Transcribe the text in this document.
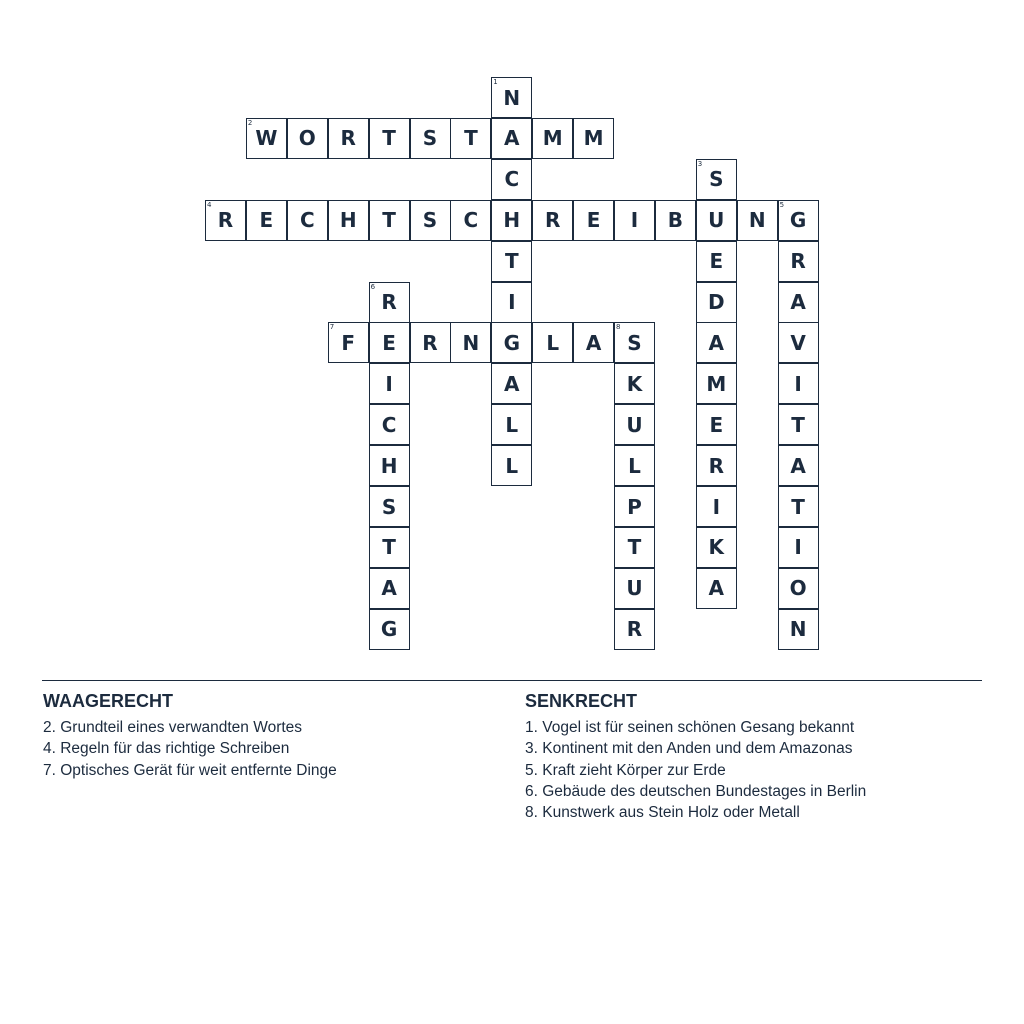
1
N
A
C
H
T
I
G
A
L
L
2
W	O	R	T	S	T	M	M
3
S
U
E
D
A
M
E
R
I
K
A
4
R	E	C	H	T	S	C	R	E	I	B	N
5
G
R
A
V
I
T
A
T
I
O
N
6
R
E
I
C
H
S
T
A
G
7
F	R	N	L	A
8
S
K
U
L
P
T
U
R
WAAGERECHT
2. Grundteil eines verwandten Wortes
4. Regeln für das richtige Schreiben
7. Optisches Gerät für weit entfernte Dinge
SENKRECHT
1. Vogel ist für seinen schönen Gesang bekannt
3. Kontinent mit den Anden und dem Amazonas
5. Kraft zieht Körper zur Erde
6. Gebäude des deutschen Bundestages in Berlin
8. Kunstwerk aus Stein Holz oder Metall
